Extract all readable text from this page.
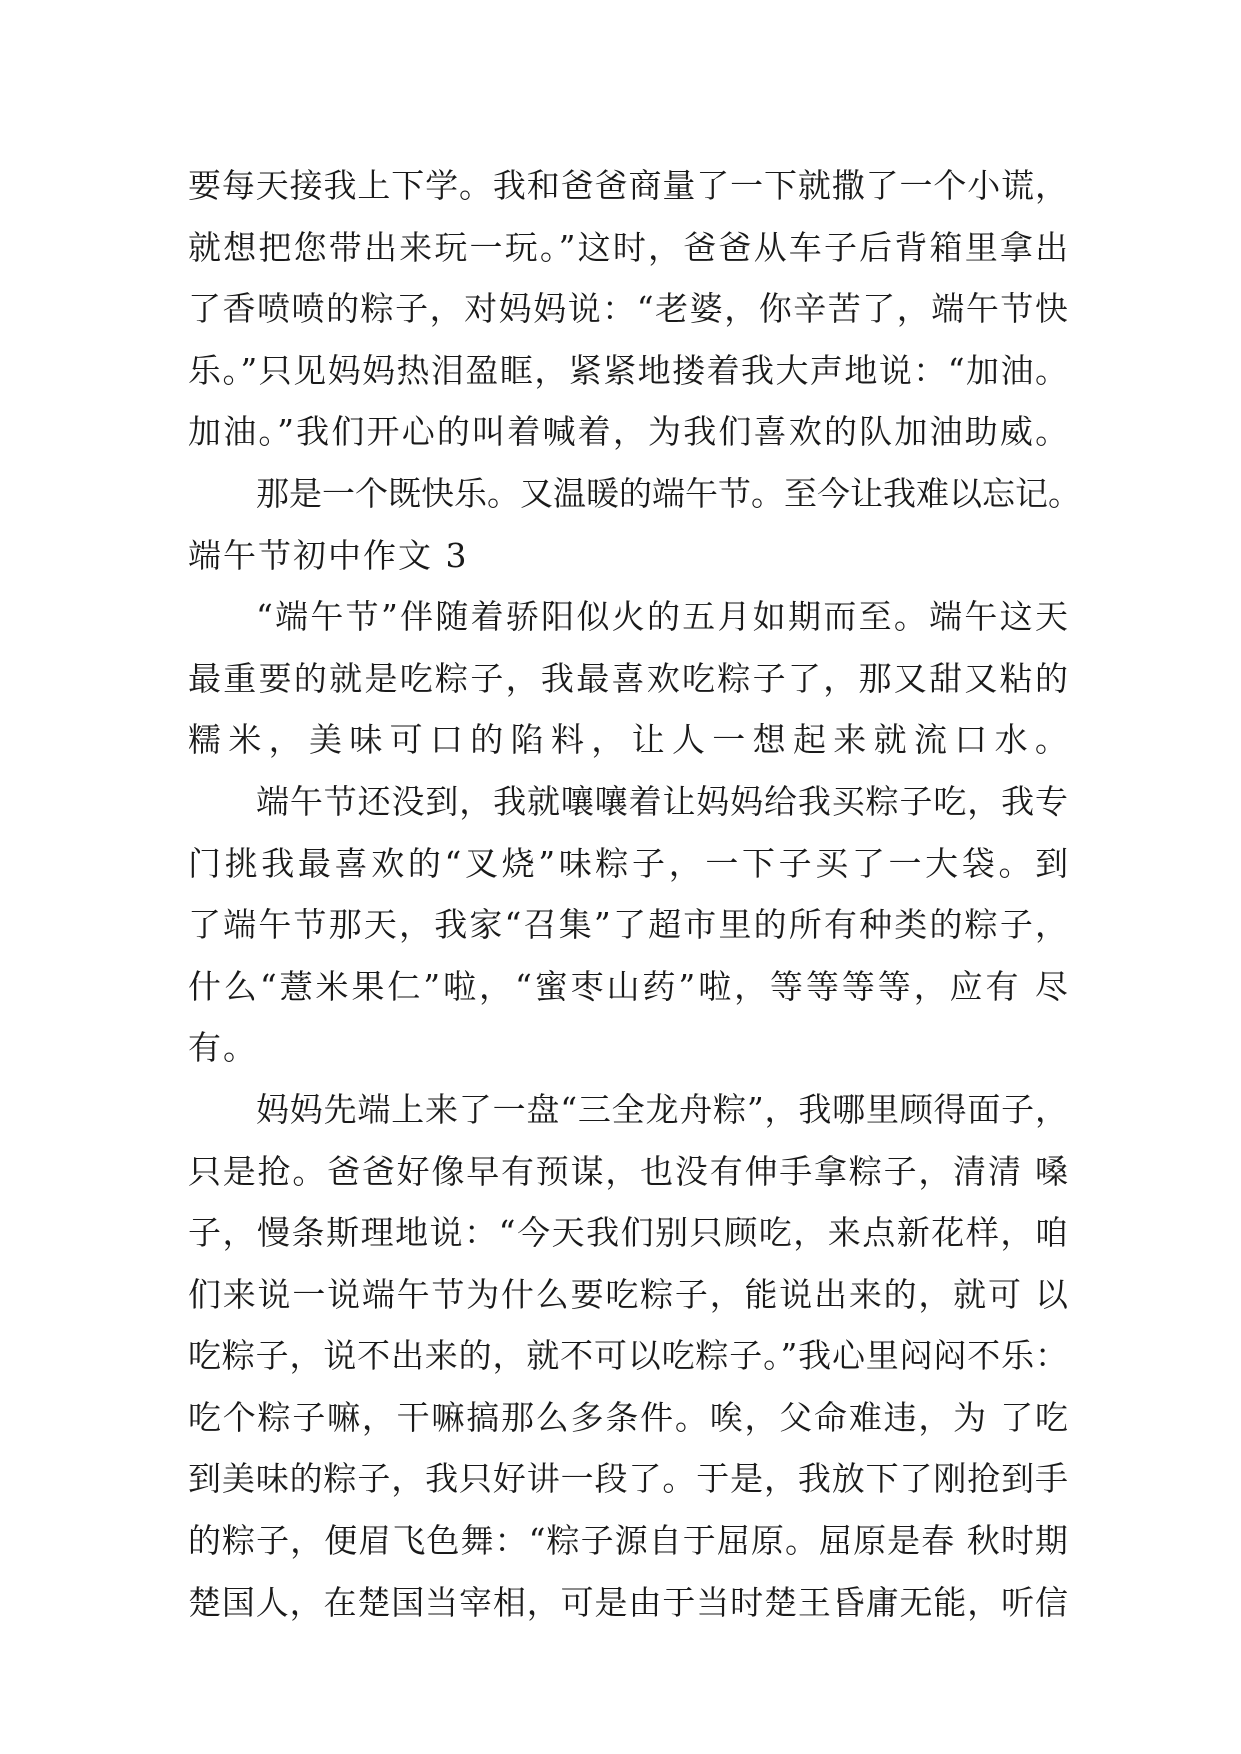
要每天接我上下学。我和爸爸商量了一下就撒了一个小谎，
就想把您带出来玩一玩。”这时，爸爸从车子后背箱里拿出
了香喷喷的粽子，对妈妈说：“老婆，你辛苦了，端午节快
乐。”只见妈妈热泪盈眶，紧紧地搂着我大声地说：“加油。
加油。”我们开心的叫着喊着，为我们喜欢的队加油助威。
那是一个既快乐。又温暖的端午节。至今让我难以忘记。
端午节初中作文 3
“端午节”伴随着骄阳似火的五月如期而至。端午这天
最重要的就是吃粽子，我最喜欢吃粽子了，那又甜又粘的
糯米，美味可口的陷料，让人一想起来就流口水。
端午节还没到，我就嚷嚷着让妈妈给我买粽子吃，我专
门挑我最喜欢的“叉烧”味粽子，一下子买了一大袋。到
了端午节那天，我家“召集”了超市里的所有种类的粽子，
什么“薏米果仁”啦，“蜜枣山药”啦，等等等等，应有 尽
有。
妈妈先端上来了一盘“三全龙舟粽”，我哪里顾得面子，
只是抢。爸爸好像早有预谋，也没有伸手拿粽子，清清 嗓
子，慢条斯理地说：“今天我们别只顾吃，来点新花样，咱
们来说一说端午节为什么要吃粽子，能说出来的，就可 以
吃粽子，说不出来的，就不可以吃粽子。”我心里闷闷不乐：
吃个粽子嘛，干嘛搞那么多条件。唉，父命难违，为 了吃
到美味的粽子，我只好讲一段了。于是，我放下了刚抢到手
的粽子，便眉飞色舞：“粽子源自于屈原。屈原是春 秋时期
楚国人，在楚国当宰相，可是由于当时楚王昏庸无能，听信
